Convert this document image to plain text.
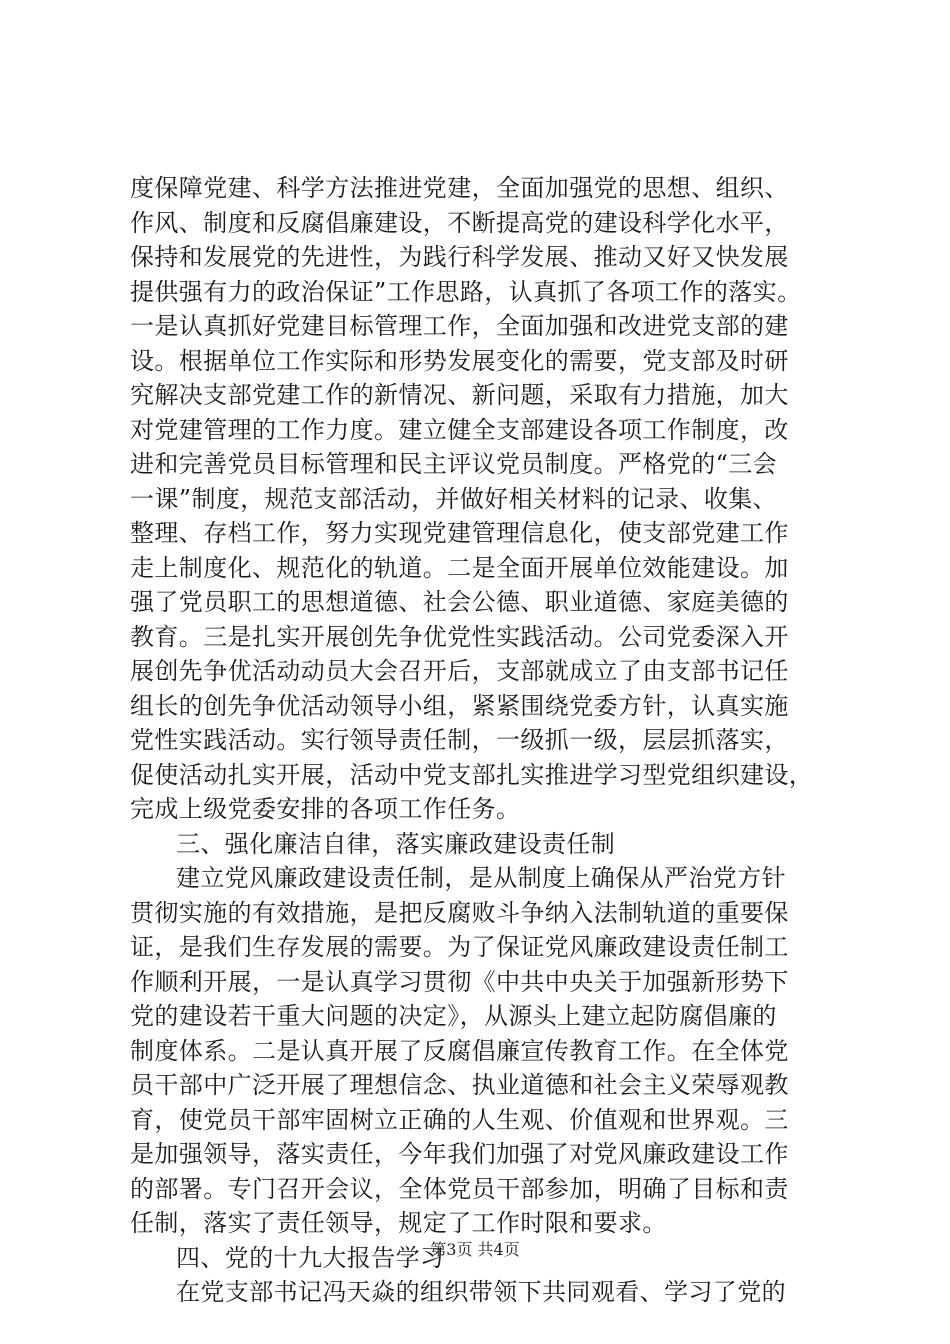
度保障党建、科学方法推进党建，全面加强党的思想、组织、
作风、制度和反腐倡廉建设，不断提高党的建设科学化水平，
保持和发展党的先进性，为践行科学发展、推动又好又快发展
提供强有力的政治保证”工作思路，认真抓了各项工作的落实。
一是认真抓好党建目标管理工作，全面加强和改进党支部的建
设。根据单位工作实际和形势发展变化的需要，党支部及时研
究解决支部党建工作的新情况、新问题，采取有力措施，加大
对党建管理的工作力度。建立健全支部建设各项工作制度，改
进和完善党员目标管理和民主评议党员制度。严格党的“三会
一课”制度，规范支部活动，并做好相关材料的记录、收集、
整理、存档工作，努力实现党建管理信息化，使支部党建工作
走上制度化、规范化的轨道。二是全面开展单位效能建设。加
强了党员职工的思想道德、社会公德、职业道德、家庭美德的
教育。三是扎实开展创先争优党性实践活动。公司党委深入开
展创先争优活动动员大会召开后，支部就成立了由支部书记任
组长的创先争优活动领导小组，紧紧围绕党委方针，认真实施
党性实践活动。实行领导责任制，一级抓一级，层层抓落实，
促使活动扎实开展，活动中党支部扎实推进学习型党组织建设，
完成上级党委安排的各项工作任务。
三、强化廉洁自律，落实廉政建设责任制
建立党风廉政建设责任制，是从制度上确保从严治党方针
贯彻实施的有效措施，是把反腐败斗争纳入法制轨道的重要保
证，是我们生存发展的需要。为了保证党风廉政建设责任制工
作顺利开展，一是认真学习贯彻《中共中央关于加强新形势下
党的建设若干重大问题的决定》，从源头上建立起防腐倡廉的
制度体系。二是认真开展了反腐倡廉宣传教育工作。在全体党
员干部中广泛开展了理想信念、执业道德和社会主义荣辱观教
育，使党员干部牢固树立正确的人生观、价值观和世界观。三
是加强领导，落实责任，今年我们加强了对党风廉政建设工作
的部署。专门召开会议，全体党员干部参加，明确了目标和责
任制，落实了责任领导，规定了工作时限和要求。
四、党的十九大报告学习
在党支部书记冯天焱的组织带领下共同观看、学习了党的
第3页 共4页
